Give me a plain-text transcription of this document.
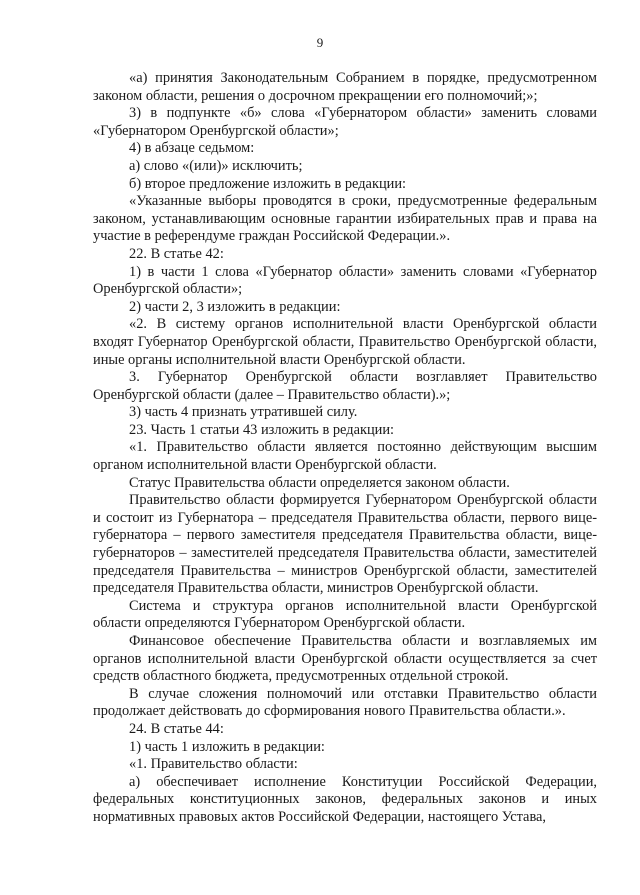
9

«а) принятия Законодательным Собранием в порядке, предусмотренном законом области, решения о досрочном прекращении его полномочий;»;

3) в подпункте «б» слова «Губернатором области» заменить словами «Губернатором Оренбургской области»;

4) в абзаце седьмом:

а) слово «(или)» исключить;

б) второе предложение изложить в редакции:

«Указанные выборы проводятся в сроки, предусмотренные федеральным законом, устанавливающим основные гарантии избирательных прав и права на участие в референдуме граждан Российской Федерации.».

22. В статье 42:

1) в части 1 слова «Губернатор области» заменить словами «Губернатор Оренбургской области»;

2) части 2, 3 изложить в редакции:

«2. В систему органов исполнительной власти Оренбургской области входят Губернатор Оренбургской области, Правительство Оренбургской области, иные органы исполнительной власти Оренбургской области.

3. Губернатор Оренбургской области возглавляет Правительство Оренбургской области (далее – Правительство области).»;

3) часть 4 признать утратившей силу.

23. Часть 1 статьи 43 изложить в редакции:

«1. Правительство области является постоянно действующим высшим органом исполнительной власти Оренбургской области.

Статус Правительства области определяется законом области.

Правительство области формируется Губернатором Оренбургской области и состоит из Губернатора – председателя Правительства области, первого вице-губернатора – первого заместителя председателя Правительства области, вице-губернаторов – заместителей председателя Правительства области, заместителей председателя Правительства – министров Оренбургской области, заместителей председателя Правительства области, министров Оренбургской области.

Система и структура органов исполнительной власти Оренбургской области определяются Губернатором Оренбургской области.

Финансовое обеспечение Правительства области и возглавляемых им органов исполнительной власти Оренбургской области осуществляется за счет средств областного бюджета, предусмотренных отдельной строкой.

В случае сложения полномочий или отставки Правительство области продолжает действовать до сформирования нового Правительства области.».

24. В статье 44:

1) часть 1 изложить в редакции:

«1. Правительство области:

а) обеспечивает исполнение Конституции Российской Федерации, федеральных конституционных законов, федеральных законов и иных нормативных правовых актов Российской Федерации, настоящего Устава,
